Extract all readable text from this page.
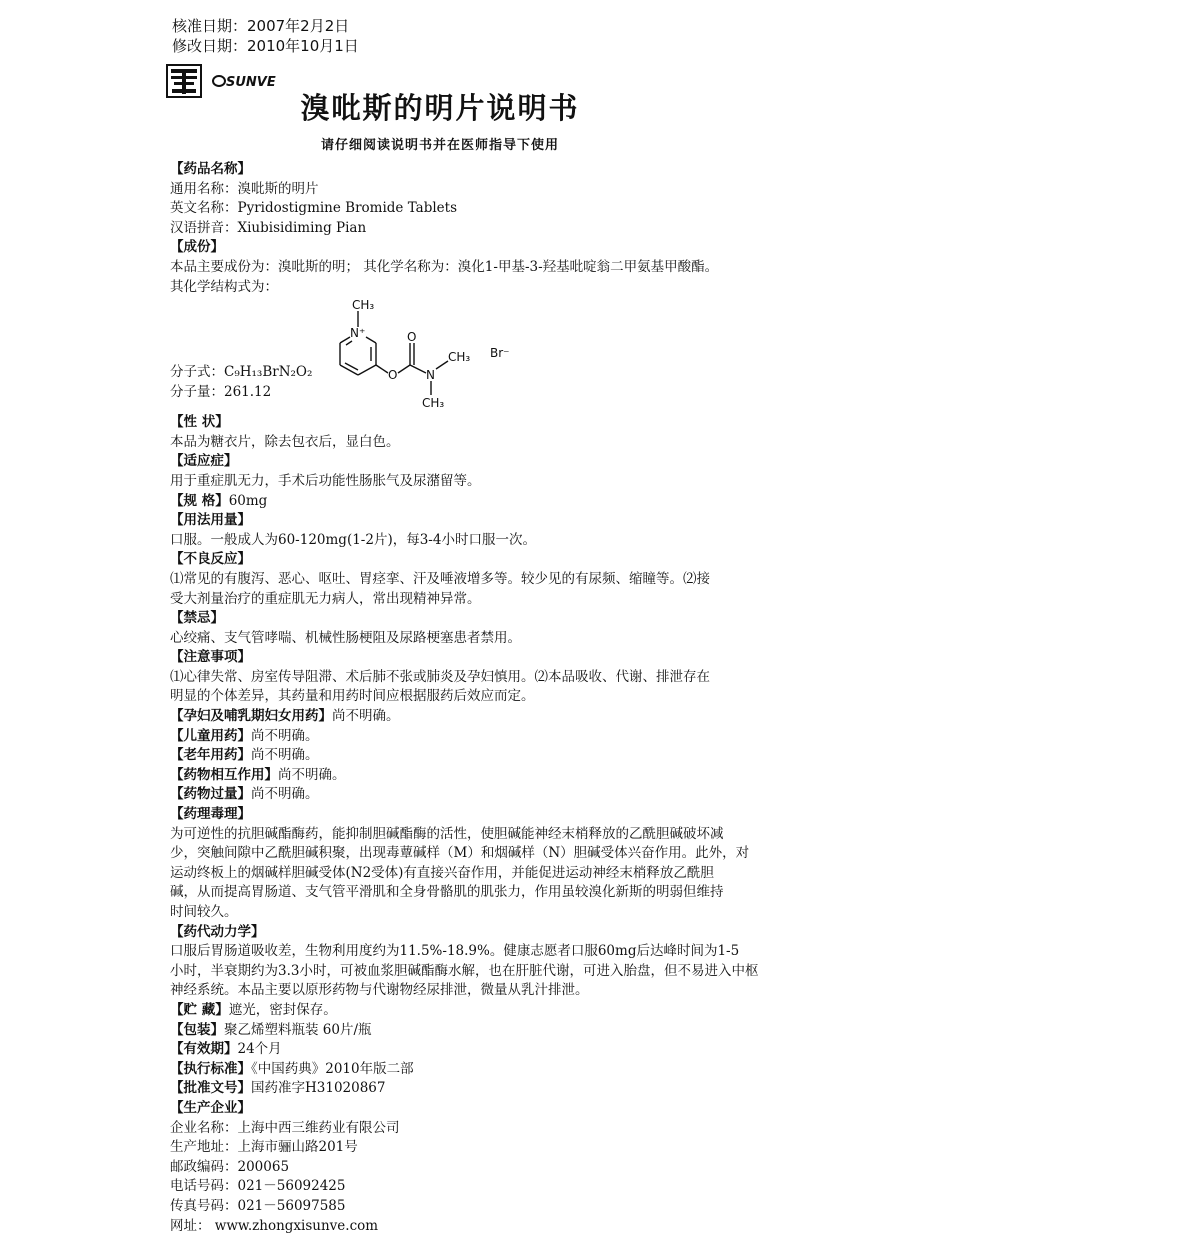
核准日期：2007年2月2日
修改日期：2010年10月1日
SUNVE
溴吡斯的明片说明书
请仔细阅读说明书并在医师指导下使用
【药品名称】
通用名称：溴吡斯的明片
英文名称：Pyridostigmine Bromide Tablets
汉语拼音：Xiubisidiming Pian
【成份】
本品主要成份为：溴吡斯的明； 其化学名称为：溴化1-甲基-3-羟基吡啶翁二甲氨基甲酸酯。
其化学结构式为：
CH₃
N⁺
O
O
N
CH₃
CH₃
Br⁻
分子式：C₉H₁₃BrN₂O₂
分子量：261.12
【性 状】
本品为糖衣片，除去包衣后，显白色。
【适应症】
用于重症肌无力，手术后功能性肠胀气及尿潴留等。
【规 格】60mg
【用法用量】
口服。一般成人为60-120mg(1-2片)，每3-4小时口服一次。
【不良反应】
⑴常见的有腹泻、恶心、呕吐、胃痉挛、汗及唾液增多等。较少见的有尿频、缩瞳等。⑵接
受大剂量治疗的重症肌无力病人，常出现精神异常。
【禁忌】
心绞痛、支气管哮喘、机械性肠梗阻及尿路梗塞患者禁用。
【注意事项】
⑴心律失常、房室传导阻滞、术后肺不张或肺炎及孕妇慎用。⑵本品吸收、代谢、排泄存在
明显的个体差异，其药量和用药时间应根据服药后效应而定。
【孕妇及哺乳期妇女用药】尚不明确。
【儿童用药】尚不明确。
【老年用药】尚不明确。
【药物相互作用】尚不明确。
【药物过量】尚不明确。
【药理毒理】
为可逆性的抗胆碱酯酶药，能抑制胆碱酯酶的活性，使胆碱能神经末梢释放的乙酰胆碱破坏减
少，突触间隙中乙酰胆碱积聚，出现毒蕈碱样（M）和烟碱样（N）胆碱受体兴奋作用。此外，对
运动终板上的烟碱样胆碱受体(N2受体)有直接兴奋作用，并能促进运动神经末梢释放乙酰胆
碱，从而提高胃肠道、支气管平滑肌和全身骨骼肌的肌张力，作用虽较溴化新斯的明弱但维持
时间较久。
【药代动力学】
口服后胃肠道吸收差，生物利用度约为11.5%-18.9%。健康志愿者口服60mg后达峰时间为1-5
小时，半衰期约为3.3小时，可被血浆胆碱酯酶水解，也在肝脏代谢，可进入胎盘，但不易进入中枢
神经系统。本品主要以原形药物与代谢物经尿排泄，微量从乳汁排泄。
【贮 藏】遮光，密封保存。
【包装】聚乙烯塑料瓶装 60片/瓶
【有效期】24个月
【执行标准】《中国药典》2010年版二部
【批准文号】国药准字H31020867
【生产企业】
企业名称：上海中西三维药业有限公司
生产地址：上海市骊山路201号
邮政编码：200065
电话号码：021－56092425
传真号码：021－56097585
网址： www.zhongxisunve.com
